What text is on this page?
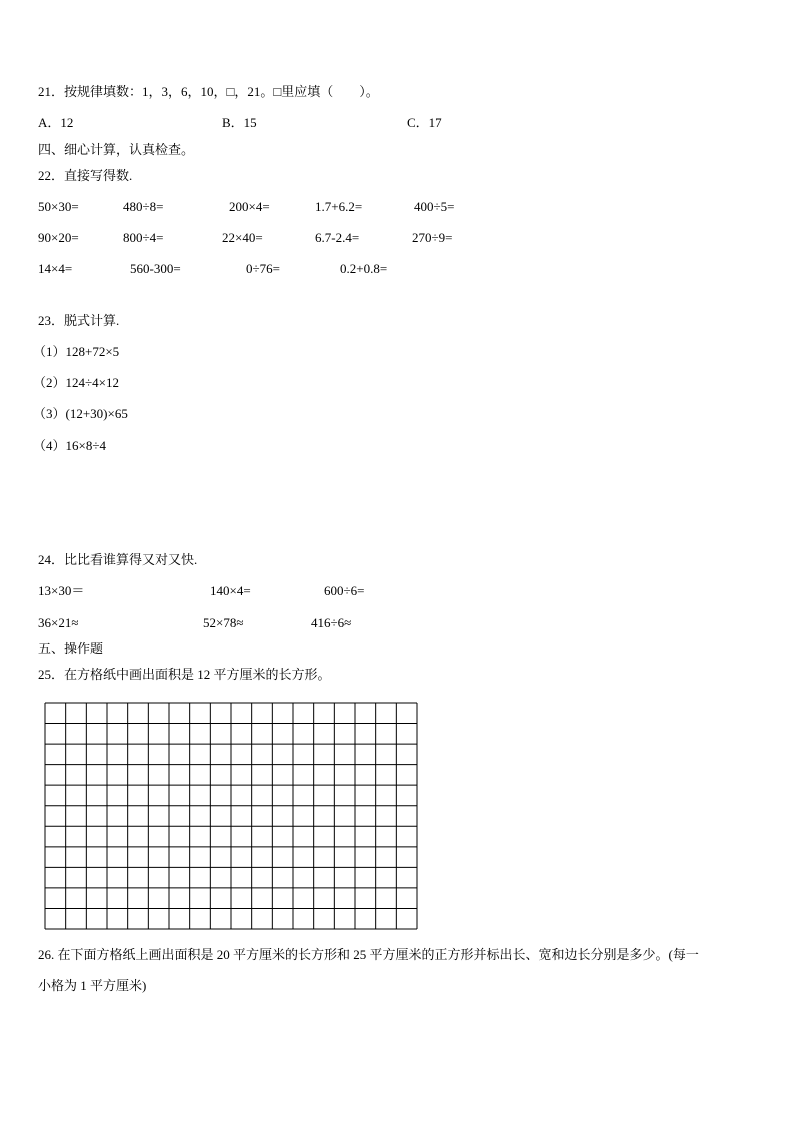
21．按规律填数：1，3，6，10，□，21。□里应填（　　）。
A．12	B．15	C．17
四、细心计算，认真检查。
22．直接写得数.
50×30=	480÷8=	200×4=	1.7+6.2=	400÷5=
90×20=	800÷4=	22×40=	6.7-2.4=	270÷9=
14×4=	560-300=	0÷76=	0.2+0.8=
23．脱式计算.
（1）128+72×5
（2）124÷4×12
（3）(12+30)×65
（4）16×8÷4
24．比比看谁算得又对又快.
13×30＝	140×4=	600÷6=
36×21≈	52×78≈	416÷6≈
五、操作题
25．在方格纸中画出面积是 12 平方厘米的长方形。
26. 在下面方格纸上画出面积是 20 平方厘米的长方形和 25 平方厘米的正方形并标出长、宽和边长分别是多少。(每一
小格为 1 平方厘米)
